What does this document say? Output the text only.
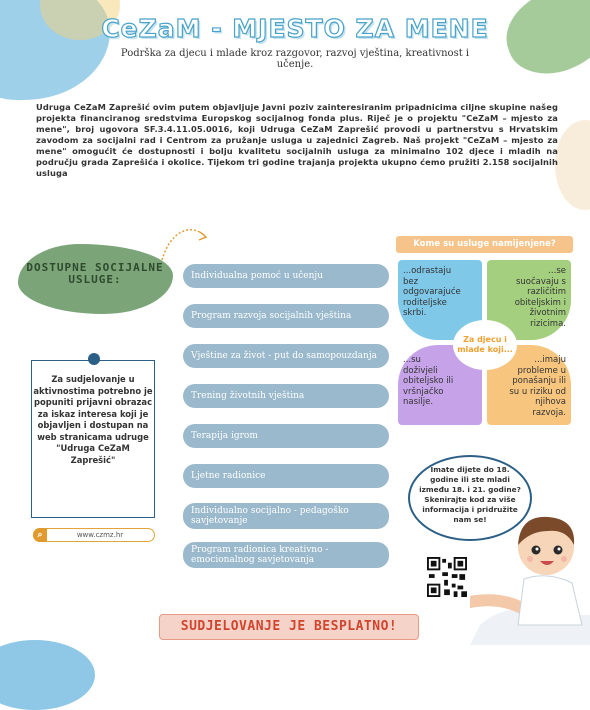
CeZaM - MJESTO ZA MENE
Podrška za djecu i mlade kroz razgovor, razvoj vještina, kreativnost i učenje.
Udruga CeZaM Zaprešić ovim putem objavljuje Javni poziv zainteresiranim pripadnicima ciljne skupine našeg projekta financiranog sredstvima Europskog socijalnog fonda plus. Riječ je o projektu "CeZaM – mjesto za mene", broj ugovora SF.3.4.11.05.0016, koji Udruga CeZaM Zaprešić provodi u partnerstvu s Hrvatskim zavodom za socijalni rad i Centrom za pružanje usluga u zajednici Zagreb. Naš projekt "CeZaM – mjesto za mene" omogućit će dostupnosti i bolju kvalitetu socijalnih usluga za minimalno 102 djece i mladih na području grada Zaprešića i okolice. Tijekom tri godine trajanja projekta ukupno ćemo pružiti 2.158 socijalnih usluga
DOSTUPNE SOCIJALNE USLUGE:	Individualna pomoć u učenju
Program razvoja socijalnih vještina
Vještine za život - put do samopouzdanja
Trening životnih vještina
Terapija igrom
Ljetne radionice
Individualno socijalno - pedagoško savjetovanje
Program radionica kreativno - emocionalnog savjetovanja
Za sudjelovanje u aktivnostima potrebno je popuniti prijavni obrazac za iskaz interesa koji je objavljen i dostupan na web stranicama udruge "Udruga CeZaM Zaprešić"
⌕	www.czmz.hr
Kome su usluge namijenjene?
...odrastaju bez odgovarajuće roditeljske skrbi.
...se suočavaju s različitim obiteljskim i životnim rizicima.
...su doživjeli obiteljsko ili vršnjačko nasilje.
...imaju probleme u ponašanju ili su u riziku od njihova razvoja.
Za djecu i mlade koji...
Imate dijete do 18. godine ili ste mladi između 18. i 21. godine? Skenirajte kod za više informacija i pridružite nam se!
SUDJELOVANJE JE BESPLATNO!
